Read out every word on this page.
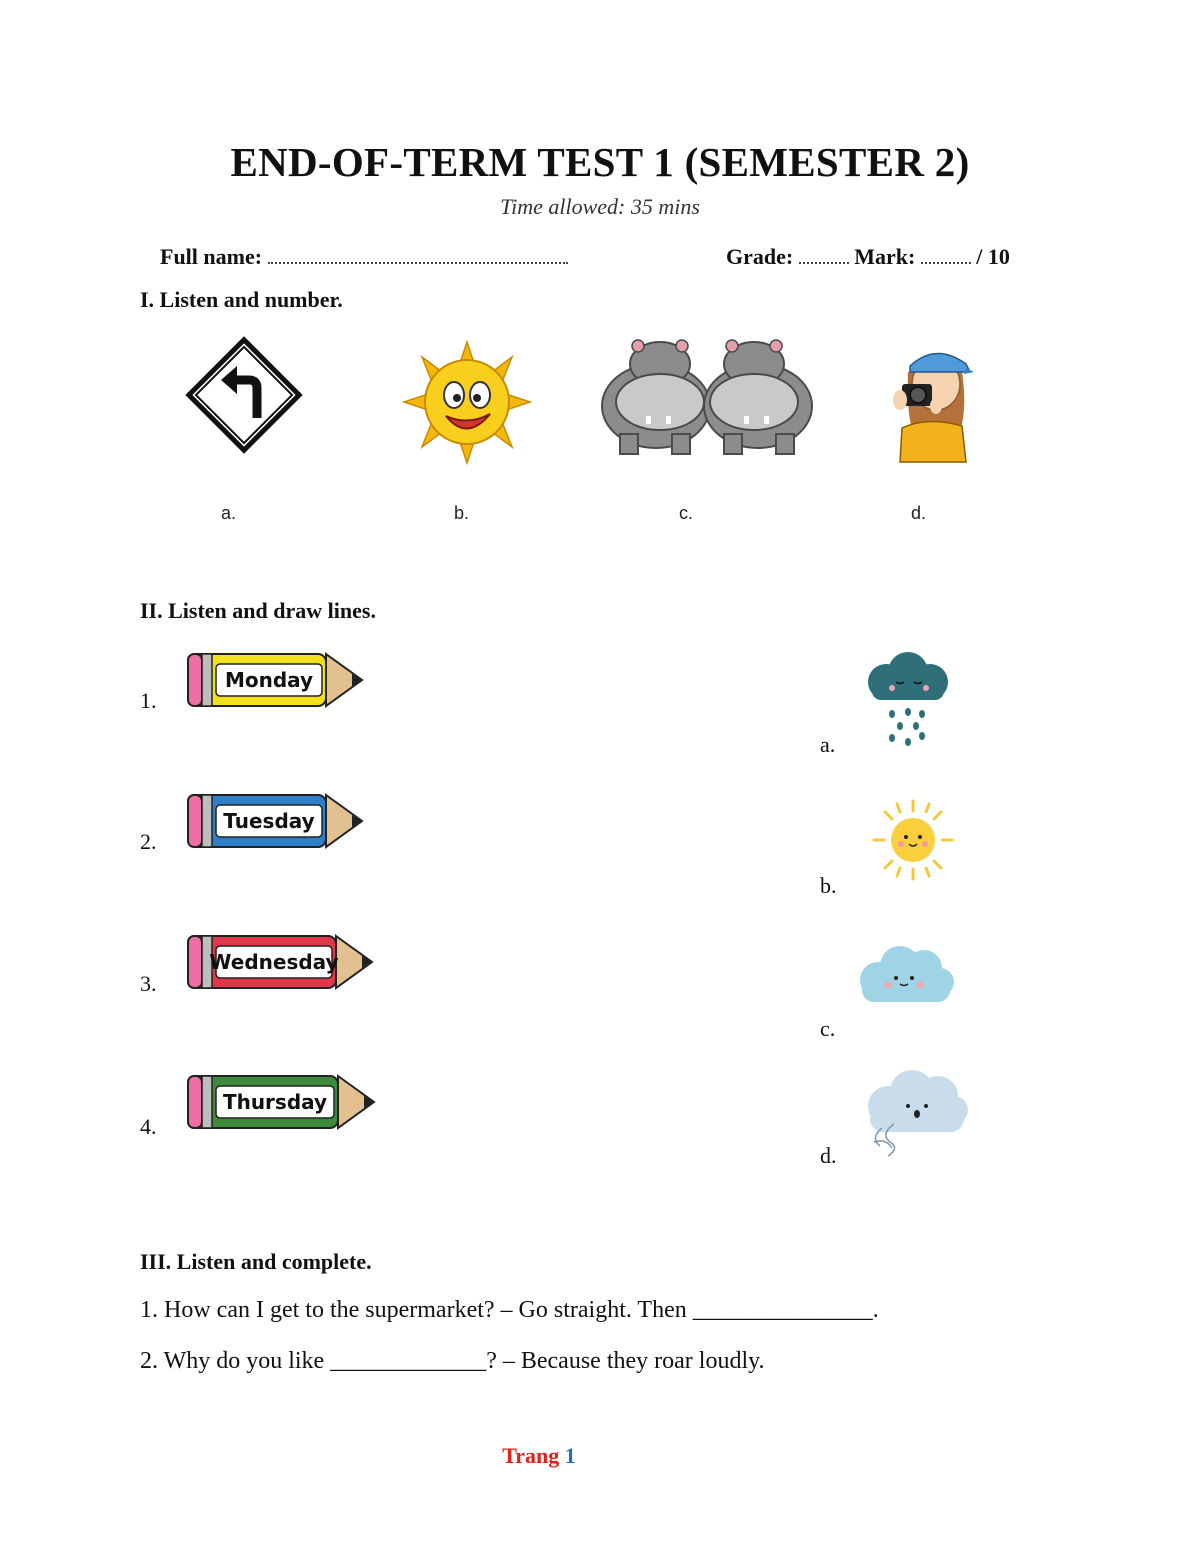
END-OF-TERM TEST 1 (SEMESTER 2)
Time allowed: 35 mins
Full name:	Grade:	Mark:	/ 10
I. Listen and number.
a.	b.	c.	d.
II. Listen and draw lines.
1.
Monday
2.
Tuesday
3.
Wednesday
4.
Thursday
a.
b.
c.
d.
III. Listen and complete.
1. How can I get to the supermarket? – Go straight. Then _______________.
2. Why do you like _____________? – Because they roar loudly.
Trang 1
